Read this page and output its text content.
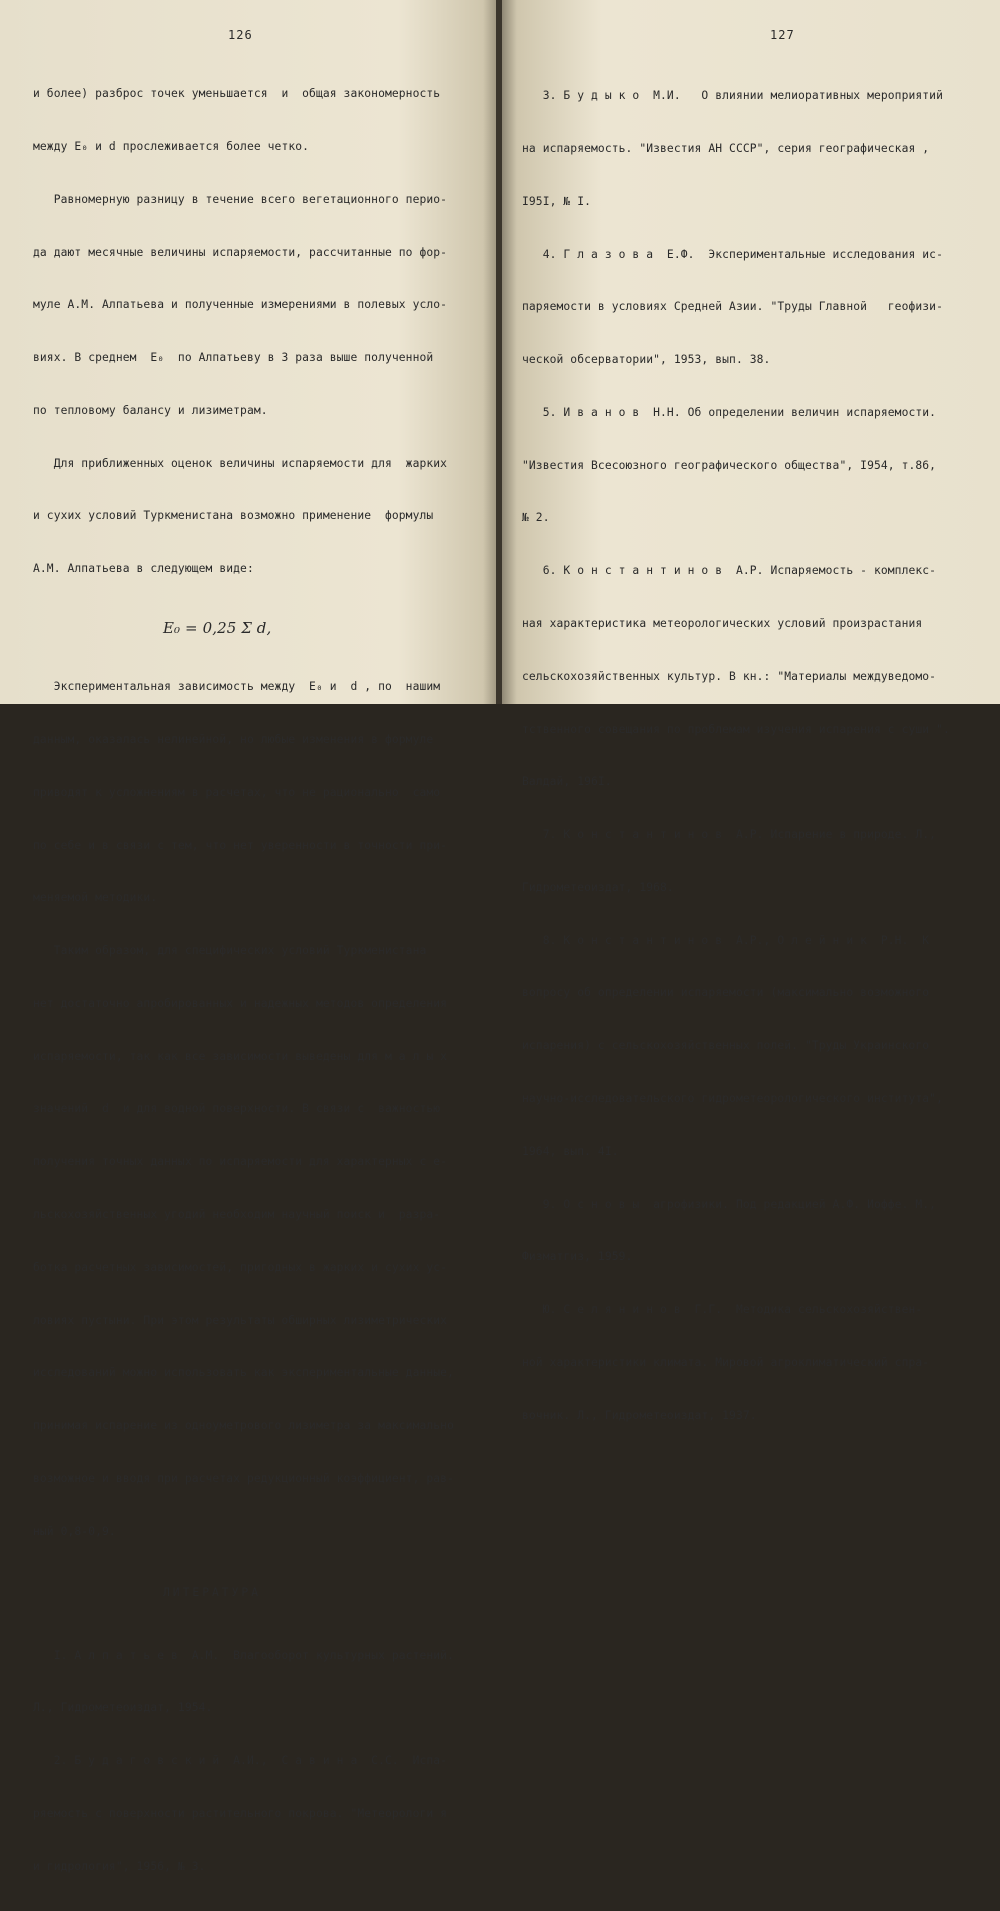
126

и более) разброс точек уменьшается  и  общая закономерность

между E₀ и d прослеживается более четко.

Равномерную разницу в течение всего вегетационного перио-

да дают месячные величины испаряемости, рассчитанные по фор-

муле А.М. Алпатьева и полученные измерениями в полевых усло-

виях. В среднем  E₀  по Алпатьеву в 3 раза выше полученной

по тепловому балансу и лизиметрам.

Для приближенных оценок величины испаряемости для  жарких

и сухих условий Туркменистана возможно применение  формулы

А.М. Алпатьева в следующем виде:

E₀ = 0,25 Σ d,

Экспериментальная зависимость между  E₀ и  d , по  нашим

данным, оказалась нелинейной, но любые изменения в формуле

приводят к усложнениям в расчетах, что не рационально  само

по себе и в связи с тем, что нет уверенности в точности при-

меняемой методики.

Таким образом, для специфических условий Туркменистана

нет достаточно апробированных и надежных методов определения

испаряемости, так как все зависимости выведены для м а л ы х

значений  d  и для водной поверхности. В связи с  важностью

получения точных данных по испаряемости для характерных с е-

льскохозяйственных угодий необходим научный поиск и  разра-

ботка расчетных зависимостей, пригодных в жарких и сухих ус-

ловиях пустыни. При этом результаты обширных лизиметрических

исследований можно использовать как экспериментальные данные,

принимая испарение из одноуметрового лизиметра за максимально

возможное и вводя при расчетах редукционный коэффициент, рав-

ный 0,8-0,9.

ЛИТЕРАТУРА

I. А л п а т ь е в  А.М.  Влагооборот культурных растений.

Л., Гидрометеоиздат, 1954.

2. Б у д а г о в с к и й  А.И.,  С а в и н а  С.С.  Испа-

ряемость с поверхности растительного покрова. "Метеорологи я

и гидрология", 1956, № 3.

127

3. Б у д ы к о  М.И.   О влиянии мелиоративных мероприятий

на испаряемость. "Известия АН СССР", серия географическая ,

I95I, № I.

4. Г л а з о в а  Е.Ф.  Экспериментальные исследования ис-

паряемости в условиях Средней Азии. "Труды Главной   геофизи-

ческой обсерватории", 1953, вып. 38.

5. И в а н о в  Н.Н. Об определении величин испаряемости.

"Известия Всесоюзного географического общества", I954, т.86,

№ 2.

6. К о н с т а н т и н о в  А.Р. Испаряемость - комплекс-

ная характеристика метеорологических условий произрастания

сельскохозяйственных культур. В кн.: "Материалы междуведомо-

тственного совещания по проблемам изучения испарения с суши ".

Валдай, 196I.

7. К о н с т а н т и н о в  А.Р. Испарение в природе. Л.,

Гидрометеоиздат, 1968.

8. К о н с т а н т и н о в  А.Р., О л е й н и к  Р.Н.  К

вопросу об определении испаряемости (максимально возможного

испарения) с сельскохозяйственных полей. "Труды Украинского

научно-исследовательского гидрометеорологического института",

1964, вып. 4I.

9. О с н о в ы  агрофизики. Под редакцией А.Ф. Иоффе. М.,

Физматгиз, 1959.

Ю. С е л я н и н о в  Г.Г.  Методика сельскохозяйствен-

ной характеристики климата. Мировой агроклиматический спра-

вочник. Л., Гидрометеоиздат, 1937.
